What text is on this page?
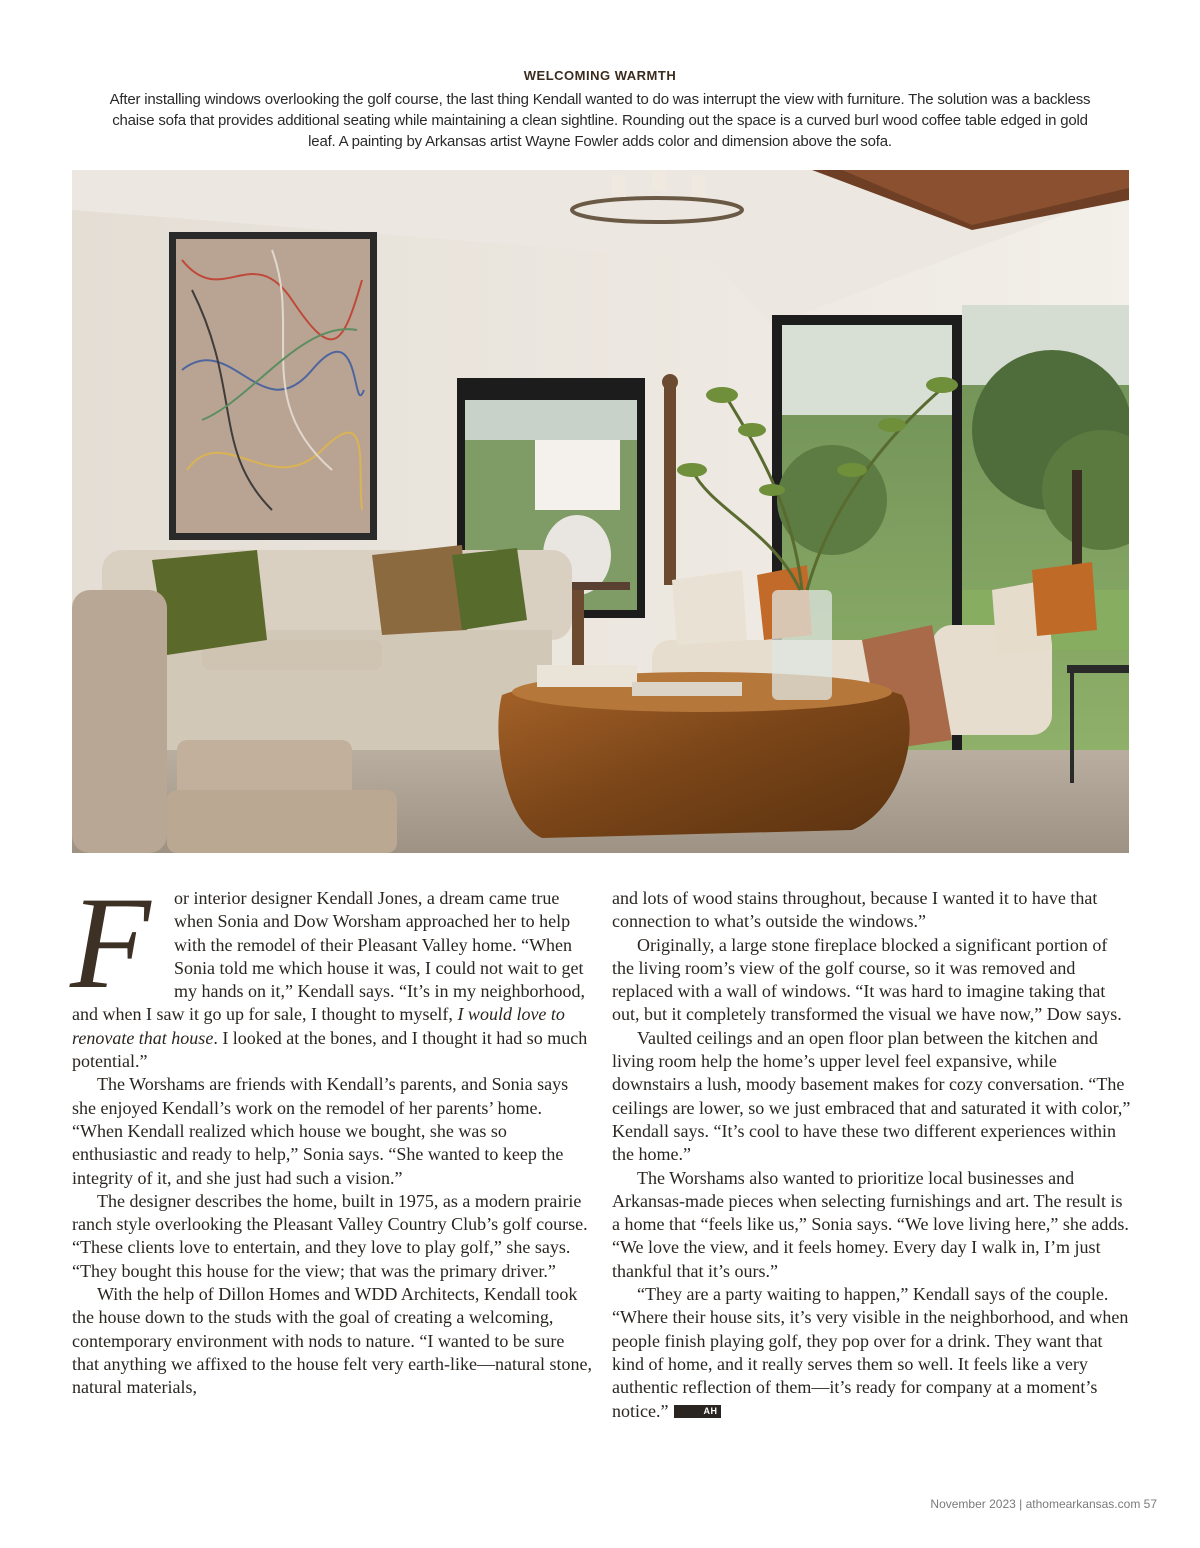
WELCOMING WARMTH
After installing windows overlooking the golf course, the last thing Kendall wanted to do was interrupt the view with furniture. The solution was a backless chaise sofa that provides additional seating while maintaining a clean sightline. Rounding out the space is a curved burl wood coffee table edged in gold leaf. A painting by Arkansas artist Wayne Fowler adds color and dimension above the sofa.

F	or interior designer Kendall Jones, a dream came true when Sonia and Dow Worsham approached her to help with the remodel of their Pleasant Valley home. “When Sonia told me which house it was, I could not wait to get my hands on it,” Kendall says. “It’s in my neighborhood, and when I saw it go up for sale, I thought to myself, I would love to renovate that house. I looked at the bones, and I thought it had so much potential.”

The Worshams are friends with Kendall’s parents, and Sonia says she enjoyed Kendall’s work on the remodel of her parents’ home. “When Kendall realized which house we bought, she was so enthusiastic and ready to help,” Sonia says. “She wanted to keep the integrity of it, and she just had such a vision.”

The designer describes the home, built in 1975, as a modern prairie ranch style overlooking the Pleasant Valley Country Club’s golf course. “These clients love to entertain, and they love to play golf,” she says. “They bought this house for the view; that was the primary driver.”

With the help of Dillon Homes and WDD Architects, Kendall took the house down to the studs with the goal of creating a welcoming, contemporary environment with nods to nature. “I wanted to be sure that anything we affixed to the house felt very earth-like—natural stone, natural materials,

and lots of wood stains throughout, because I wanted it to have that connection to what’s outside the windows.”

Originally, a large stone fireplace blocked a significant portion of the living room’s view of the golf course, so it was removed and replaced with a wall of windows. “It was hard to imagine taking that out, but it completely transformed the visual we have now,” Dow says.

Vaulted ceilings and an open floor plan between the kitchen and living room help the home’s upper level feel expansive, while downstairs a lush, moody basement makes for cozy conversation. “The ceilings are lower, so we just embraced that and saturated it with color,” Kendall says. “It’s cool to have these two different experiences within the home.”

The Worshams also wanted to prioritize local businesses and Arkansas-made pieces when selecting furnishings and art. The result is a home that “feels like us,” Sonia says. “We love living here,” she adds. “We love the view, and it feels homey. Every day I walk in, I’m just thankful that it’s ours.”

“They are a party waiting to happen,” Kendall says of the couple. “Where their house sits, it’s very visible in the neighborhood, and when people finish playing golf, they pop over for a drink. They want that kind of home, and it really serves them so well. It feels like a very authentic reflection of them—it’s ready for company at a moment’s notice.”	AH

November 2023 | athomearkansas.com 57
